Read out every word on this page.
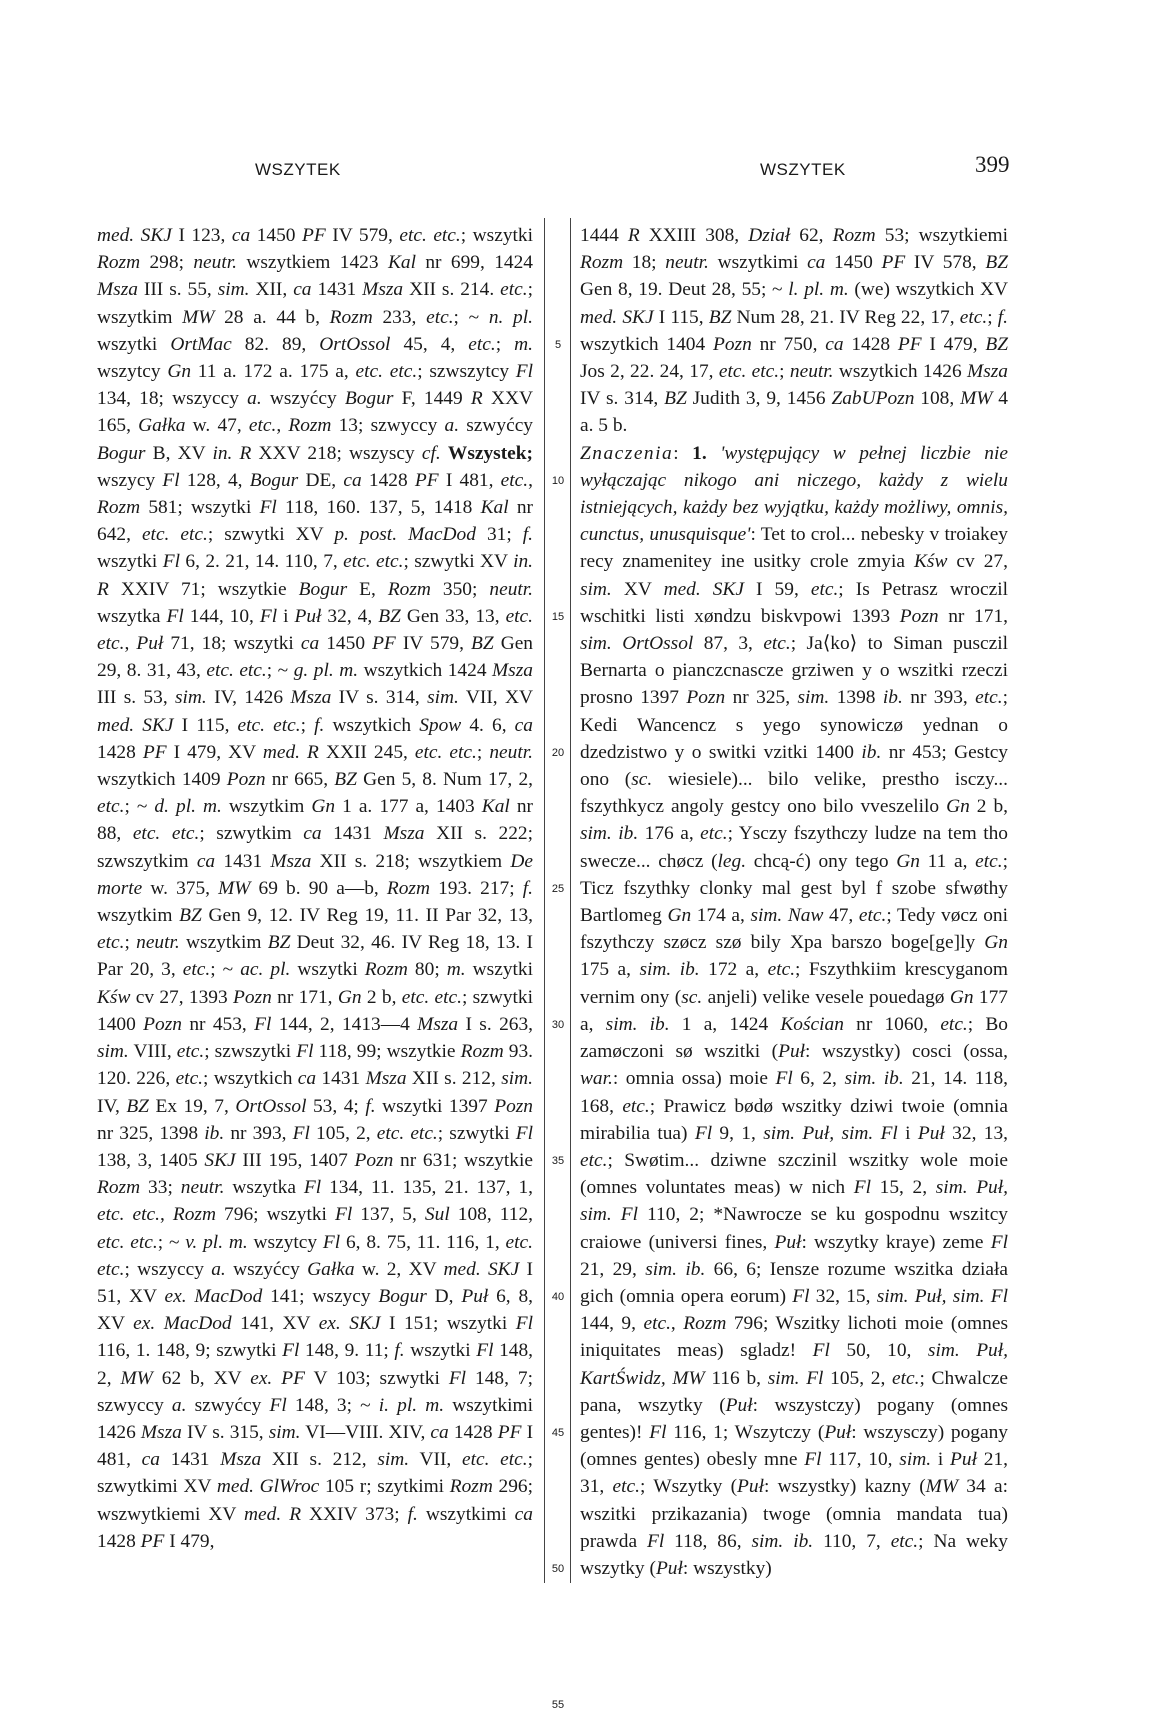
WSZYTEK	WSZYTEK	399

med. SKJ I 123, ca 1450 PF IV 579, etc. etc.; wszytki Rozm 298; neutr. wszytkiem 1423 Kal nr 699, 1424 Msza III s. 55, sim. XII, ca 1431 Msza XII s. 214. etc.; wszytkim MW 28 a. 44 b, Rozm 233, etc.; ~ n. pl. wszytki OrtMac 82. 89, OrtOssol 45, 4, etc.; m. wszytcy Gn 11 a. 172 a. 175 a, etc. etc.; szwszytcy Fl 134, 18; wszyccy a. wszyćcy Bogur F, 1449 R XXV 165, Gałka w. 47, etc., Rozm 13; szwyccy a. szwyćcy Bogur B, XV in. R XXV 218; wszyscy cf. Wszystek; wszycy Fl 128, 4, Bogur DE, ca 1428 PF I 481, etc., Rozm 581; wszytki Fl 118, 160. 137, 5, 1418 Kal nr 642, etc. etc.; szwytki XV p. post. MacDod 31; f. wszytki Fl 6, 2. 21, 14. 110, 7, etc. etc.; szwytki XV in. R XXIV 71; wszytkie Bogur E, Rozm 350; neutr. wszytka Fl 144, 10, Fl i Puł 32, 4, BZ Gen 33, 13, etc. etc., Puł 71, 18; wszytki ca 1450 PF IV 579, BZ Gen 29, 8. 31, 43, etc. etc.; ~ g. pl. m. wszytkich 1424 Msza III s. 53, sim. IV, 1426 Msza IV s. 314, sim. VII, XV med. SKJ I 115, etc. etc.; f. wszytkich Spow 4. 6, ca 1428 PF I 479, XV med. R XXII 245, etc. etc.; neutr. wszytkich 1409 Pozn nr 665, BZ Gen 5, 8. Num 17, 2, etc.; ~ d. pl. m. wszytkim Gn 1 a. 177 a, 1403 Kal nr 88, etc. etc.; szwytkim ca 1431 Msza XII s. 222; szwszytkim ca 1431 Msza XII s. 218; wszytkiem De morte w. 375, MW 69 b. 90 a—b, Rozm 193. 217; f. wszytkim BZ Gen 9, 12. IV Reg 19, 11. II Par 32, 13, etc.; neutr. wszytkim BZ Deut 32, 46. IV Reg 18, 13. I Par 20, 3, etc.; ~ ac. pl. wszytki Rozm 80; m. wszytki Kśw cv 27, 1393 Pozn nr 171, Gn 2 b, etc. etc.; szwytki 1400 Pozn nr 453, Fl 144, 2, 1413—4 Msza I s. 263, sim. VIII, etc.; szwszytki Fl 118, 99; wszytkie Rozm 93. 120. 226, etc.; wszytkich ca 1431 Msza XII s. 212, sim. IV, BZ Ex 19, 7, OrtOssol 53, 4; f. wszytki 1397 Pozn nr 325, 1398 ib. nr 393, Fl 105, 2, etc. etc.; szwytki Fl 138, 3, 1405 SKJ III 195, 1407 Pozn nr 631; wszytkie Rozm 33; neutr. wszytka Fl 134, 11. 135, 21. 137, 1, etc. etc., Rozm 796; wszytki Fl 137, 5, Sul 108, 112, etc. etc.; ~ v. pl. m. wszytcy Fl 6, 8. 75, 11. 116, 1, etc. etc.; wszyccy a. wszyćcy Gałka w. 2, XV med. SKJ I 51, XV ex. MacDod 141; wszycy Bogur D, Puł 6, 8, XV ex. MacDod 141, XV ex. SKJ I 151; wszytki Fl 116, 1. 148, 9; szwytki Fl 148, 9. 11; f. wszytki Fl 148, 2, MW 62 b, XV ex. PF V 103; szwytki Fl 148, 7; szwyccy a. szwyćcy Fl 148, 3; ~ i. pl. m. wszytkimi 1426 Msza IV s. 315, sim. VI—VIII. XIV, ca 1428 PF I 481, ca 1431 Msza XII s. 212, sim. VII, etc. etc.; szwytkimi XV med. GlWroc 105 r; szytkimi Rozm 296; wszwytkiemi XV med. R XXIV 373; f. wszytkimi ca 1428 PF I 479,

5
10
15
20
25
30
35
40
45
50
55

1444 R XXIII 308, Dział 62, Rozm 53; wszytkiemi Rozm 18; neutr. wszytkimi ca 1450 PF IV 578, BZ Gen 8, 19. Deut 28, 55; ~ l. pl. m. (we) wszytkich XV med. SKJ I 115, BZ Num 28, 21. IV Reg 22, 17, etc.; f. wszytkich 1404 Pozn nr 750, ca 1428 PF I 479, BZ Jos 2, 22. 24, 17, etc. etc.; neutr. wszytkich 1426 Msza IV s. 314, BZ Judith 3, 9, 1456 ZabUPozn 108, MW 4 a. 5 b.
Znaczenia: 1. 'występujący w pełnej liczbie nie wyłączając nikogo ani niczego, każdy z wielu istniejących, każdy bez wyjątku, każdy możliwy, omnis, cunctus, unusquisque': Tet to crol... nebesky v troiakey recy znamenitey ine usitky crole zmyia Kśw cv 27, sim. XV med. SKJ I 59, etc.; Is Petrasz wroczil wschitki listi xøndzu biskvpowi 1393 Pozn nr 171, sim. OrtOssol 87, 3, etc.; Ja⟨ko⟩ to Siman pusczil Bernarta o pianczcnascze grziwen y o wszitki rzeczi prosno 1397 Pozn nr 325, sim. 1398 ib. nr 393, etc.; Kedi Wancencz s yego synowiczø yednan o dzedzistwo y o switki vzitki 1400 ib. nr 453; Gestcy ono (sc. wiesiele)... bilo velike, prestho isczy... fszythkycz angoly gestcy ono bilo vveszelilo Gn 2 b, sim. ib. 176 a, etc.; Ysczy fszythczy ludze na tem tho swecze... chøcz (leg. chcą-ć) ony tego Gn 11 a, etc.; Ticz fszythky clonky mal gest byl f szobe sfwøthy Bartlomeg Gn 174 a, sim. Naw 47, etc.; Tedy vøcz oni fszythczy szøcz szø bily Xpa barszo boge[ge]ly Gn 175 a, sim. ib. 172 a, etc.; Fszythkiim krescyganom vernim ony (sc. anjeli) velike vesele pouedagø Gn 177 a, sim. ib. 1 a, 1424 Kościan nr 1060, etc.; Bo zamøczoni sø wszitki (Puł: wszystky) cosci (ossa, war.: omnia ossa) moie Fl 6, 2, sim. ib. 21, 14. 118, 168, etc.; Prawicz bødø wszitky dziwi twoie (omnia mirabilia tua) Fl 9, 1, sim. Puł, sim. Fl i Puł 32, 13, etc.; Swøtim... dziwne szczinil wszitky wole moie (omnes voluntates meas) w nich Fl 15, 2, sim. Puł, sim. Fl 110, 2; *Nawrocze se ku gospodnu wszitcy craiowe (universi fines, Puł: wszytky kraye) zeme Fl 21, 29, sim. ib. 66, 6; Iensze rozume wszitka działa gich (omnia opera eorum) Fl 32, 15, sim. Puł, sim. Fl 144, 9, etc., Rozm 796; Wszitky lichoti moie (omnes iniquitates meas) sgladz! Fl 50, 10, sim. Puł, KartŚwidz, MW 116 b, sim. Fl 105, 2, etc.; Chwalcze pana, wszytky (Puł: wszystczy) pogany (omnes gentes)! Fl 116, 1; Wszytczy (Puł: wszysczy) pogany (omnes gentes) obesly mne Fl 117, 10, sim. i Puł 21, 31, etc.; Wszytky (Puł: wszystky) kazny (MW 34 a: wszitki przikazania) twoge (omnia mandata tua) prawda Fl 118, 86, sim. ib. 110, 7, etc.; Na weky wszytky (Puł: wszystky)
